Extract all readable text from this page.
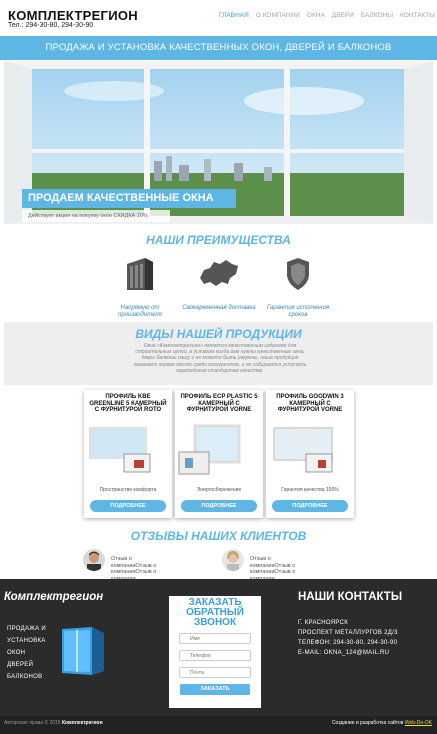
КОМПЛЕКТРЕГИОН
Тел.: 294-30-80, 294-30-90
ГЛАВНАЯ О КОМПАНИИ ОКНА ДВЕРИ БАЛКОНЫ КОНТАКТЫ
ПРОДАЖА И УСТАНОВКА КАЧЕСТВЕННЫХ ОКОН, ДВЕРЕЙ И БАЛКОНОВ
ПРОДАЕМ КАЧЕСТВЕННЫЕ ОКНА
Действует акция на покупку окон СКИДКА 20%
НАШИ ПРЕИМУЩЕСТВА
Напрямую от производителя
Своевременная доставка	Гарантия исполнения сроков
ВИДЫ НАШЕЙ ПРОДУКЦИИ
Окна «Комплектрегион» является качественным изделием для строительных целей, в условиях когда вам нужны качественные окна, двери балконы нашу и не можете быть уверены, наша продукция занимает первое место среди конкурентов, и не собирается уступать европейским стандартам качества.
ПРОФИЛЬ KBE GREENLINE 5 КАМЕРНЫЙ С ФУРНИТУРОЙ ROTO
Пространство комфорта
ПОДРОБНЕЕ
ПРОФИЛЬ ECP PLASTIC 5 КАМЕРНЫЙ С ФУРНИТУРОЙ VORNE
Энергосбережение
ПОДРОБНЕЕ
ПРОФИЛЬ GOODWIN 3 КАМЕРНЫЙ С ФУРНИТУРОЙ VORNE
Гарантия качества 100%
ПОДРОБНЕЕ
ОТЗЫВЫ НАШИХ КЛИЕНТОВ
Отзыв о компанииОтзыв о компанииОтзыв о
Отзыв о компанииОтзыв о компанииОтзыв о
Комплектрегион
ПРОДАЖА И
УСТАНОВКА
ОКОН
ДВЕРЕЙ
БАЛКОНОВ
ЗАКАЗАТЬ
ОБРАТНЫЙ
ЗВОНОК
Имя
Телефон
Почта
ЗАКАЗАТЬ
НАШИ КОНТАКТЫ
Г. КРАСНОЯРСК
ПРОСПЕКТ МЕТАЛЛУРГОВ 2Д/3
ТЕЛЕФОН: 294-30-80, 294-30-90
E-MAIL: OKNA_124@MAIL.RU
Авторские права © 2015 Комплектрегион	Создание и разработка сайтов Web-Do-OK
